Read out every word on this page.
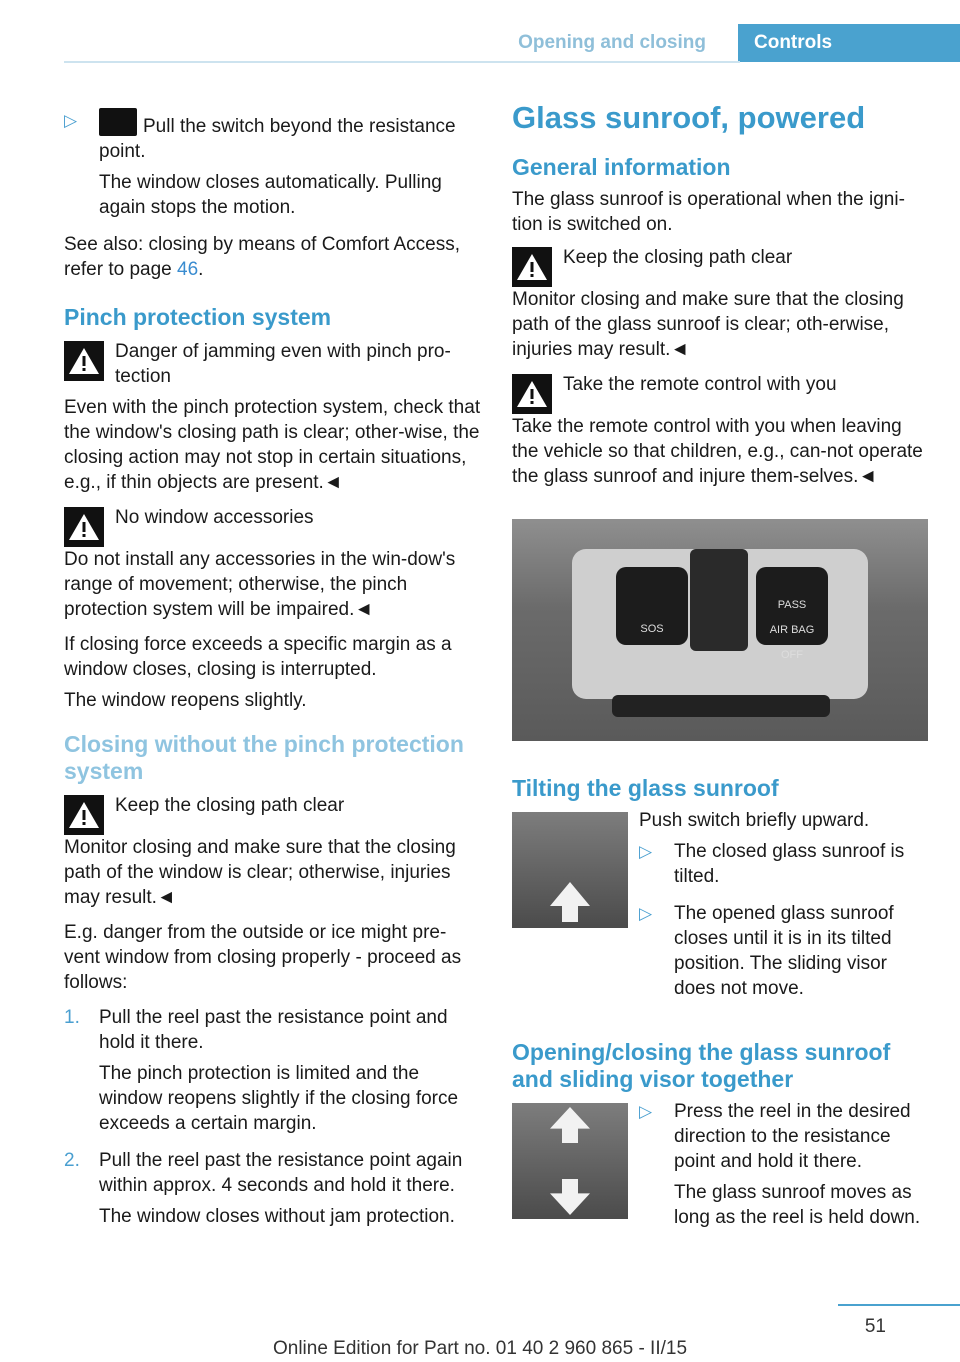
Opening and closing	Controls
▷	Pull the switch beyond the resistance point.

The window closes automatically. Pulling again stops the motion.

See also: closing by means of Comfort Access, refer to page 46.

Pinch protection system

Danger of jamming even with pinch pro-tection

Even with the pinch protection system, check that the window's closing path is clear; other-wise, the closing action may not stop in certain situations, e.g., if thin objects are present.◄

No window accessories

Do not install any accessories in the win-dow's range of movement; otherwise, the pinch protection system will be impaired.◄

If closing force exceeds a specific margin as a window closes, closing is interrupted.

The window reopens slightly.

Closing without the pinch protection system

Keep the closing path clear

Monitor closing and make sure that the closing path of the window is clear; otherwise, injuries may result.◄

E.g. danger from the outside or ice might pre-vent window from closing properly - proceed as follows:

1.	Pull the reel past the resistance point and hold it there.

The pinch protection is limited and the window reopens slightly if the closing force exceeds a certain margin.

2.	Pull the reel past the resistance point again within approx. 4 seconds and hold it there.

The window closes without jam protection.

Glass sunroof, powered
General information

The glass sunroof is operational when the igni-tion is switched on.

Keep the closing path clear

Monitor closing and make sure that the closing path of the glass sunroof is clear; oth-erwise, injuries may result.◄

Take the remote control with you

Take the remote control with you when leaving the vehicle so that children, e.g., can-not operate the glass sunroof and injure them-selves.◄

SOS
PASS
AIR BAG
OFF
Tilting the glass sunroof

Push switch briefly upward.

▷	The closed glass sunroof is tilted.

▷	The opened glass sunroof closes until it is in its tilted position. The sliding visor does not move.

Opening/closing the glass sunroof and sliding visor together
▷	Press the reel in the desired direction to the resistance point and hold it there.

The glass sunroof moves as long as the reel is held down.

51
Online Edition for Part no. 01 40 2 960 865 - II/15
